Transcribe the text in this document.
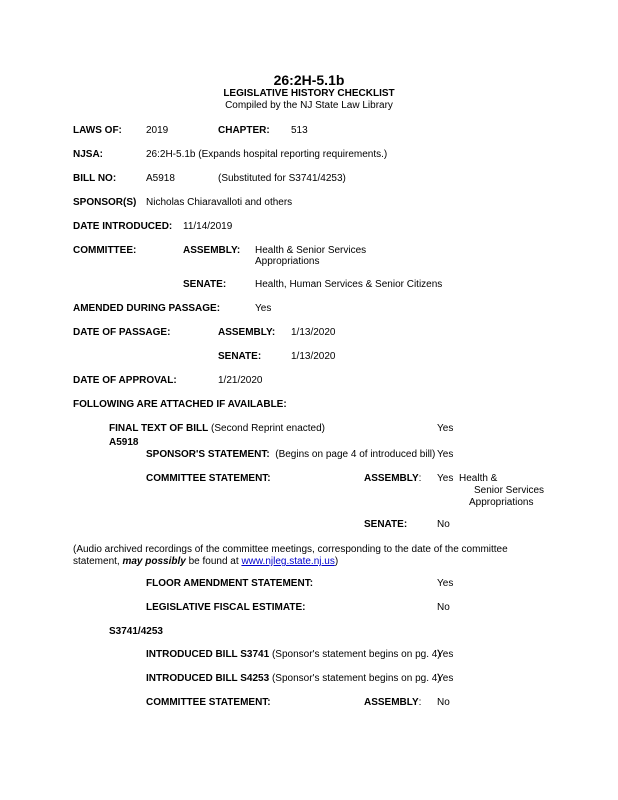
26:2H-5.1b
LEGISLATIVE HISTORY CHECKLIST
Compiled by the NJ State Law Library
LAWS OF: 2019	CHAPTER: 513
NJSA:	26:2H-5.1b (Expands hospital reporting requirements.)
BILL NO:	A5918	(Substituted for S3741/4253)
SPONSOR(S) Nicholas Chiaravalloti and others
DATE INTRODUCED: 11/14/2019
COMMITTEE:	ASSEMBLY: Health & Senior Services
Appropriations
SENATE:	Health, Human Services & Senior Citizens
AMENDED DURING PASSAGE:	Yes
DATE OF PASSAGE:	ASSEMBLY: 1/13/2020
SENATE:	1/13/2020
DATE OF APPROVAL:	1/21/2020
FOLLOWING ARE ATTACHED IF AVAILABLE:
FINAL TEXT OF BILL (Second Reprint enacted)	Yes
A5918
SPONSOR'S STATEMENT:  (Begins on page 4 of introduced bill) Yes
COMMITTEE STATEMENT:	ASSEMBLY: Yes Health &
Senior Services
Appropriations
SENATE:	No
(Audio archived recordings of the committee meetings, corresponding to the date of the committee
statement, may possibly be found at www.njleg.state.nj.us)
FLOOR AMENDMENT STATEMENT:	Yes
LEGISLATIVE FISCAL ESTIMATE:	No
S3741/4253
INTRODUCED BILL S3741 (Sponsor's statement begins on pg. 4)
Yes
INTRODUCED BILL S4253 (Sponsor's statement begins on pg. 4)
Yes
COMMITTEE STATEMENT:	ASSEMBLY: No
